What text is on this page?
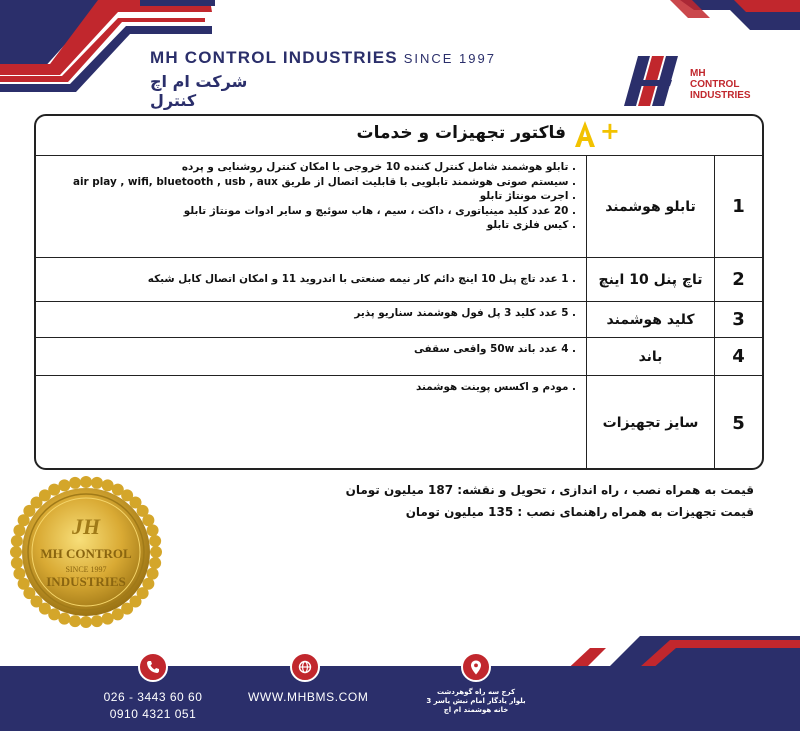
MH CONTROL INDUSTRIES SINCE 1997
شرکت ام اچ کنترل
MH CONTROL
INDUSTRIES
فاکتور تجهیزات و خدمات +
1
تابلو هوشمند
. تابلو هوشمند شامل کنترل کننده 10 خروجی با امکان کنترل روشنایی و پرده
. سیستم صوتی هوشمند تابلویی با قابلیت اتصال از طریق air play , wifi, bluetooth , usb , aux
. اجرت مونتاژ تابلو
. 20 عدد کلید مینیاتوری ، داکت ، سیم ، هاب سوئیچ و سایر ادوات مونتاژ تابلو
. کیس فلزی تابلو
2
تاچ پنل 10 اینچ
. 1 عدد تاچ پنل 10 اینچ دائم کار نیمه صنعتی با اندروید 11 و امکان اتصال کابل شبکه
3
کلید هوشمند
. 5 عدد کلید 3 پل فول هوشمند سناریو پذیر
4
باند
. 4 عدد باند 50w واقعی سقفی
5
سایز تجهیزات
. مودم و اکسس پوینت هوشمند
قیمت به همراه نصب ، راه اندازی ، تحویل و نقشه: 187 میلیون تومان
قیمت تجهیزات به همراه راهنمای نصب : 135 میلیون تومان
JH
MH CONTROL
SINCE 1997
INDUSTRIES
026 - 3443 60 60
0910 4321 051
WWW.MHBMS.COM	کرج سه راه گوهردشت
بلوار یادگار امام نبش یاسر 3
خانه هوشمند ام اچ
